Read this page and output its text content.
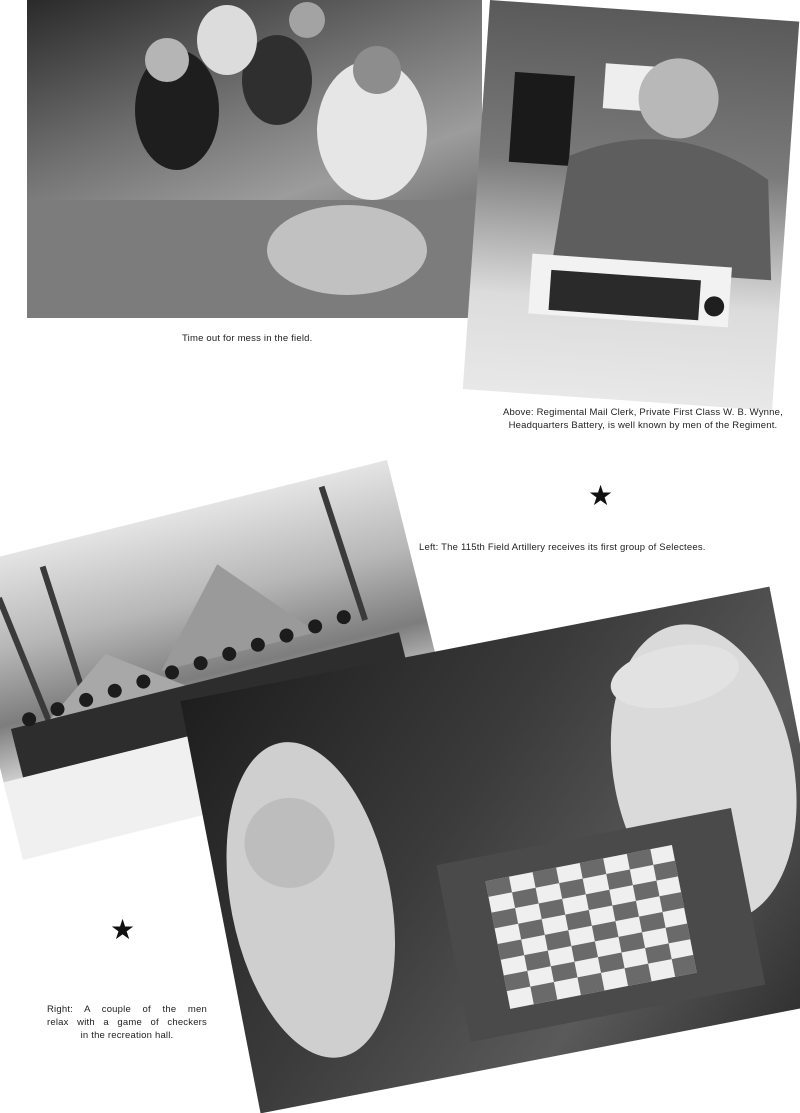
Time out for mess in the field.
Above: Regimental Mail Clerk, Private First Class W. B. Wynne, Headquarters Battery, is well known by men of the Regiment.
★
Left: The 115th Field Artillery receives its first group of Selectees.
★
Right: A couple of the men
relax with a game of checkers
in the recreation hall.
